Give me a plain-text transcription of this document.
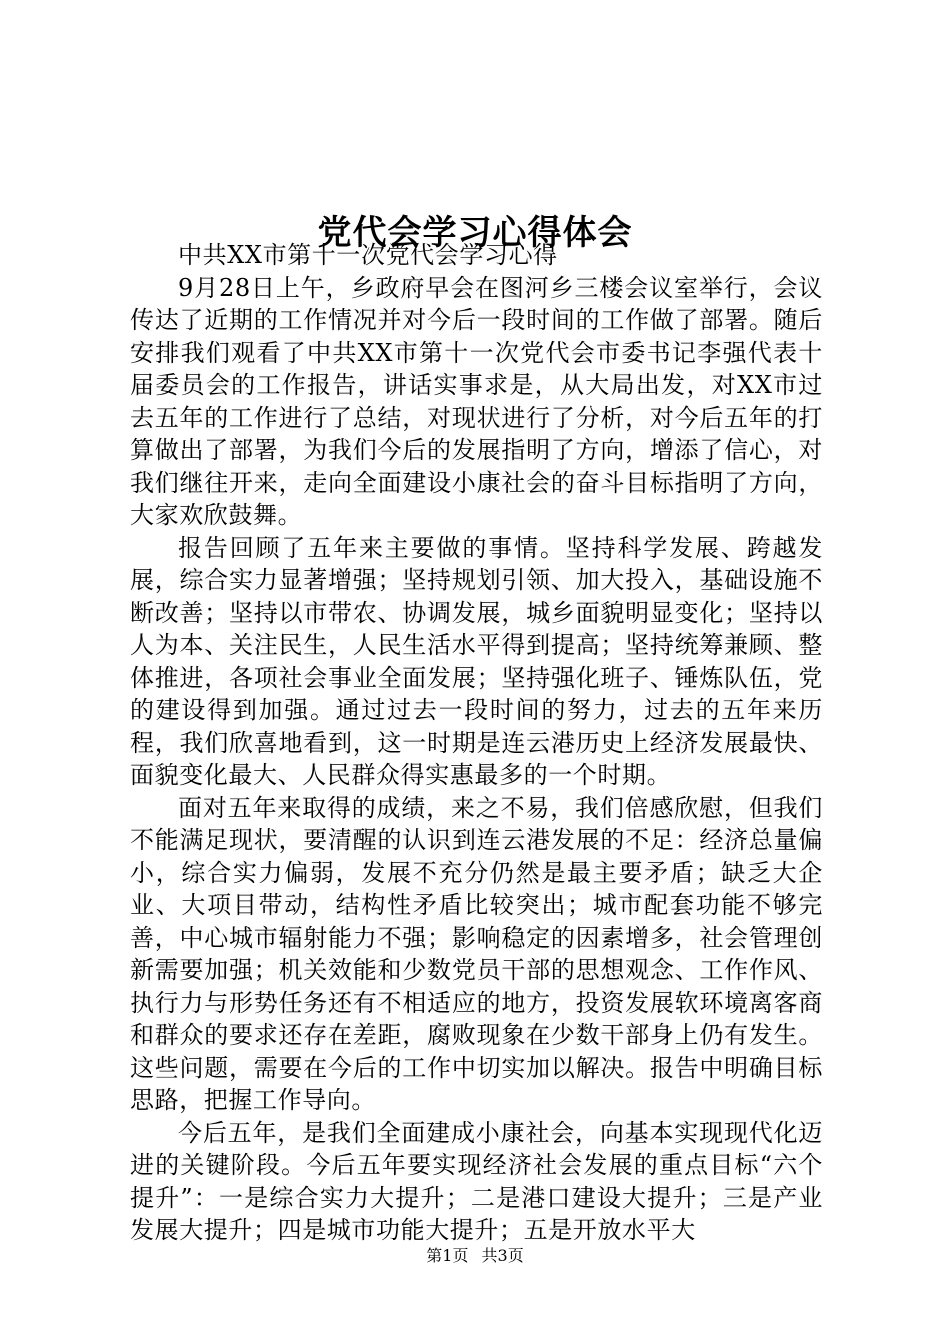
党代会学习心得体会

中共XX市第十一次党代会学习心得

9月28日上午，乡政府早会在图河乡三楼会议室举行，会议传达了近期的工作情况并对今后一段时间的工作做了部署。随后安排我们观看了中共XX市第十一次党代会市委书记李强代表十届委员会的工作报告，讲话实事求是，从大局出发，对XX市过去五年的工作进行了总结，对现状进行了分析，对今后五年的打算做出了部署，为我们今后的发展指明了方向，增添了信心，对我们继往开来，走向全面建设小康社会的奋斗目标指明了方向，大家欢欣鼓舞。

报告回顾了五年来主要做的事情。坚持科学发展、跨越发展，综合实力显著增强；坚持规划引领、加大投入，基础设施不断改善；坚持以市带农、协调发展，城乡面貌明显变化；坚持以人为本、关注民生，人民生活水平得到提高；坚持统筹兼顾、整体推进，各项社会事业全面发展；坚持强化班子、锤炼队伍，党的建设得到加强。通过过去一段时间的努力，过去的五年来历程，我们欣喜地看到，这一时期是连云港历史上经济发展最快、面貌变化最大、人民群众得实惠最多的一个时期。

面对五年来取得的成绩，来之不易，我们倍感欣慰，但我们不能满足现状，要清醒的认识到连云港发展的不足：经济总量偏小，综合实力偏弱，发展不充分仍然是最主要矛盾；缺乏大企业、大项目带动，结构性矛盾比较突出；城市配套功能不够完善，中心城市辐射能力不强；影响稳定的因素增多，社会管理创新需要加强；机关效能和少数党员干部的思想观念、工作作风、执行力与形势任务还有不相适应的地方，投资发展软环境离客商和群众的要求还存在差距，腐败现象在少数干部身上仍有发生。这些问题，需要在今后的工作中切实加以解决。报告中明确目标思路，把握工作导向。

今后五年，是我们全面建成小康社会，向基本实现现代化迈进的关键阶段。今后五年要实现经济社会发展的重点目标“六个提升”：一是综合实力大提升；二是港口建设大提升；三是产业发展大提升；四是城市功能大提升；五是开放水平大

第1页 共3页
